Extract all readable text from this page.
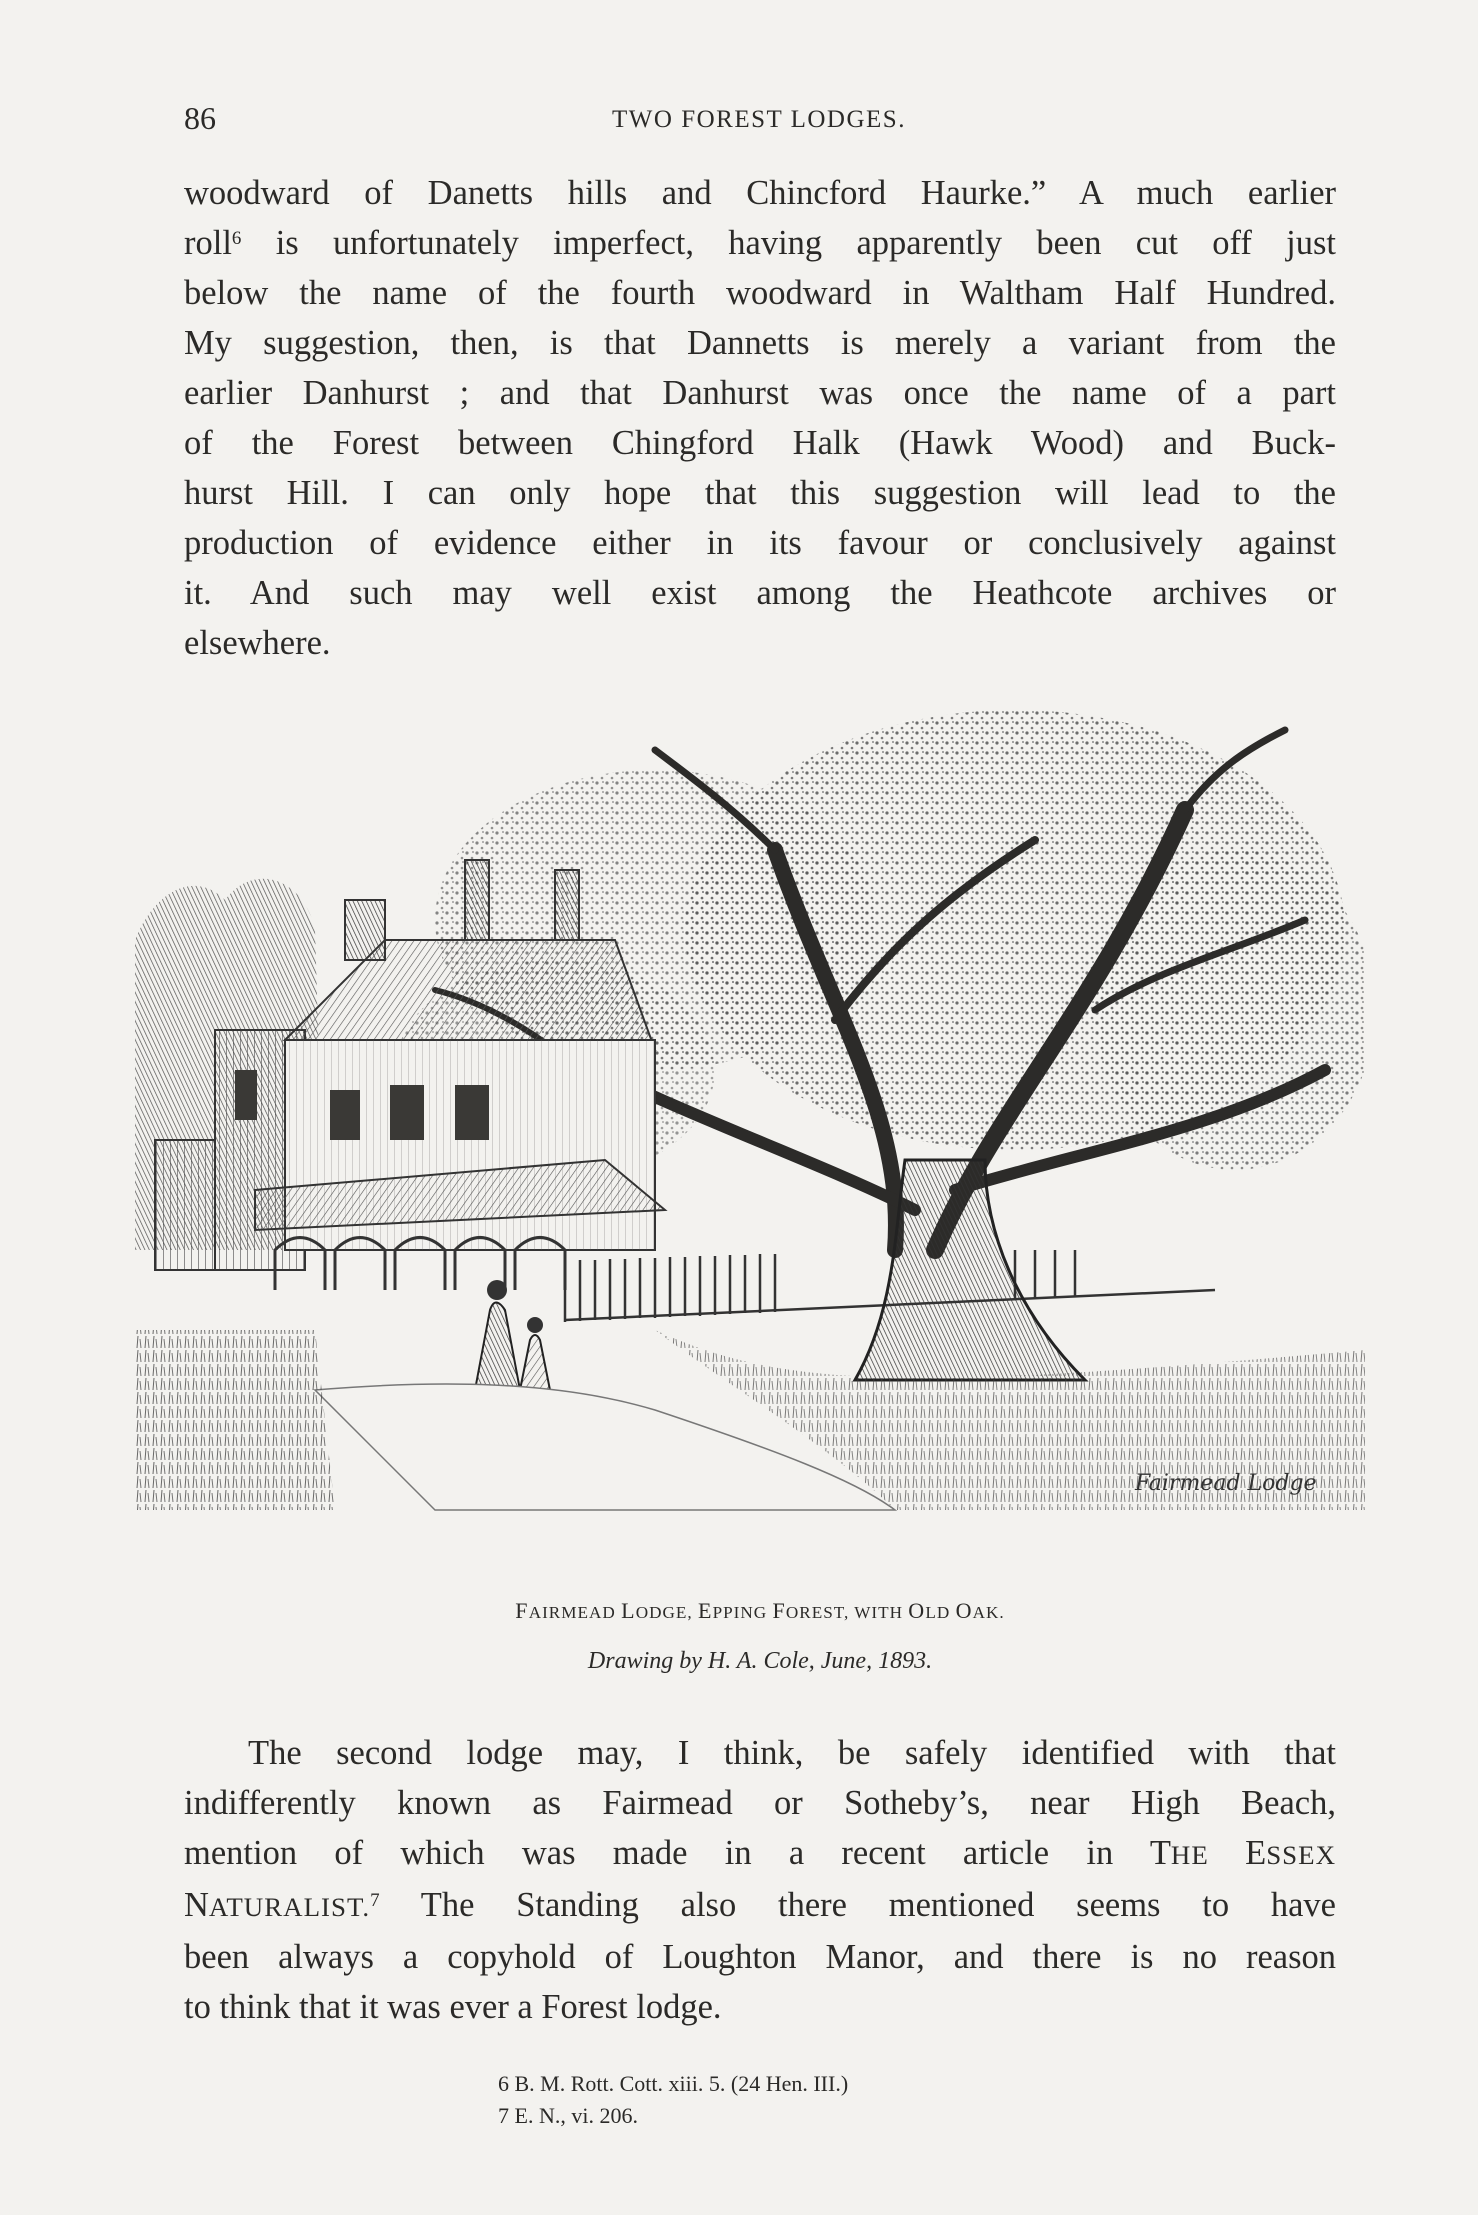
86	TWO FOREST LODGES.

woodward of Danetts hills and Chincford Haurke.” A much earlier
roll$^6$ is unfortunately imperfect, having apparently been cut off just
below the name of the fourth woodward in Waltham Half Hundred.
My suggestion, then, is that Dannetts is merely a variant from the
earlier Danhurst ; and that Danhurst was once the name of a part
of the Forest between Chingford Halk (Hawk Wood) and Buck-
hurst Hill. I can only hope that this suggestion will lead to the
production of evidence either in its favour or conclusively against
it. And such may well exist among the Heathcote archives or
elsewhere.

Fairmead Lodge
FAIRMEAD LODGE, EPPING FOREST, WITH OLD OAK.
Drawing by H. A. Cole, June, 1893.

The second lodge may, I think, be safely identified with that
indifferently known as Fairmead or Sotheby’s, near High Beach,
mention of which was made in a recent article in THE ESSEX
NATURALIST.$^7$ The Standing also there mentioned seems to have
been always a copyhold of Loughton Manor, and there is no reason
to think that it was ever a Forest lodge.

6 B. M. Rott. Cott. xiii. 5. (24 Hen. III.)
7 E. N., vi. 206.
